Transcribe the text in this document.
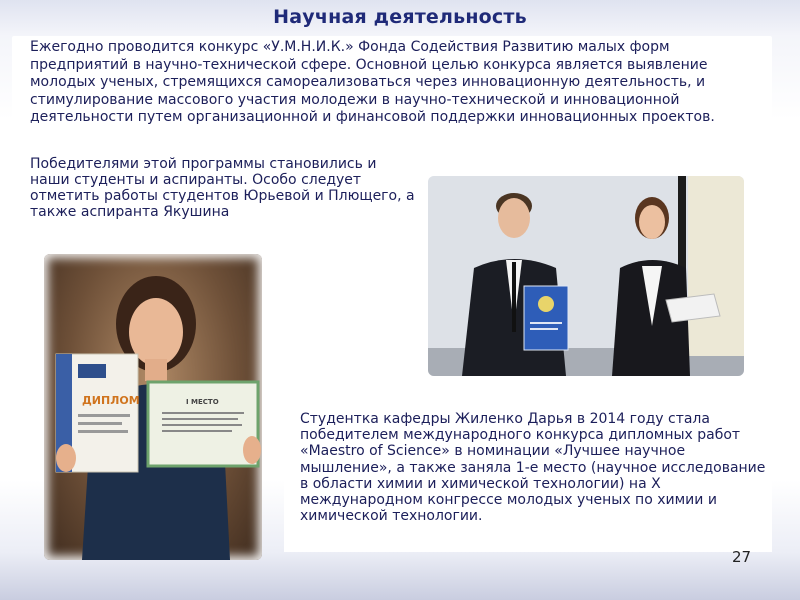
Научная деятельность
Ежегодно проводится конкурс «У.М.Н.И.К.» Фонда Содействия Развитию малых форм предприятий в научно-технической сфере. Основной целью конкурса является выявление молодых ученых, стремящихся самореализоваться через инновационную деятельность, и стимулирование массового участия молодежи в научно-технической и инновационной деятельности путем организационной и финансовой поддержки инновационных проектов.
Победителями этой программы становились и наши студенты и аспиранты. Особо следует отметить работы студентов Юрьевой и Плющего, а также аспиранта Якушина
ДИПЛОМ	I МЕСТО
Студентка кафедры Жиленко Дарья в 2014 году стала победителем международного конкурса дипломных работ «Maestro of Science» в номинации «Лучшее научное мышление», а также заняла 1-е место (научное исследование в области химии и химической технологии) на X международном конгрессе молодых ученых по химии и химической технологии.
27
